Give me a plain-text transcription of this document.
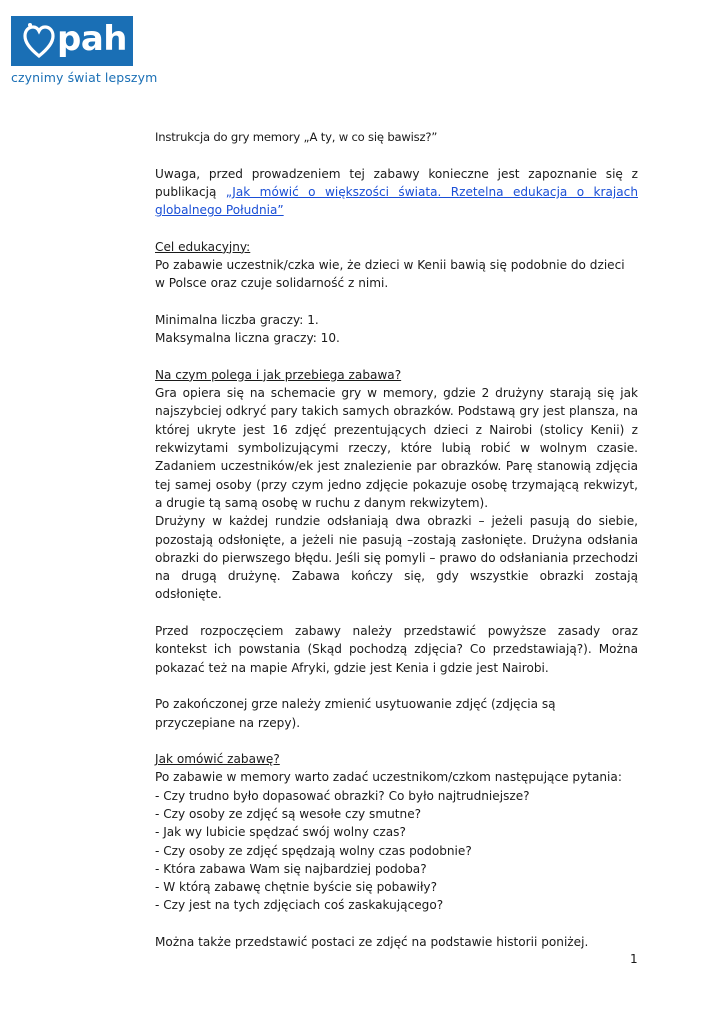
pah
czynimy świat lepszym

Instrukcja do gry memory „A ty, w co się bawisz?”

Uwaga, przed prowadzeniem tej zabawy konieczne jest zapoznanie się z publikacją „Jak mówić o większości świata. Rzetelna edukacja o krajach globalnego Południa”

Cel edukacyjny:

Po zabawie uczestnik/czka wie, że dzieci w Kenii bawią się podobnie do dzieci w Polsce oraz czuje solidarność z nimi.

Minimalna liczba graczy: 1.

Maksymalna liczna graczy: 10.

Na czym polega i jak przebiega zabawa?

Gra opiera się na schemacie gry w memory, gdzie 2 drużyny starają się jak najszybciej odkryć pary takich samych obrazków. Podstawą gry jest plansza, na której ukryte jest 16 zdjęć prezentujących dzieci z Nairobi (stolicy Kenii) z rekwizytami symbolizującymi rzeczy, które lubią robić w wolnym czasie. Zadaniem uczestników/ek jest znalezienie par obrazków. Parę stanowią zdjęcia tej samej osoby (przy czym jedno zdjęcie pokazuje osobę trzymającą rekwizyt, a drugie tą samą osobę w ruchu z danym rekwizytem).

Drużyny w każdej rundzie odsłaniają dwa obrazki – jeżeli pasują do siebie, pozostają odsłonięte, a jeżeli nie pasują –zostają zasłonięte. Drużyna odsłania obrazki do pierwszego błędu. Jeśli się pomyli – prawo do odsłaniania przechodzi na drugą drużynę. Zabawa kończy się, gdy wszystkie obrazki zostają odsłonięte.

Przed rozpoczęciem zabawy należy przedstawić powyższe zasady oraz kontekst ich powstania (Skąd pochodzą zdjęcia? Co przedstawiają?). Można pokazać też na mapie Afryki, gdzie jest Kenia i gdzie jest Nairobi.

Po zakończonej grze należy zmienić usytuowanie zdjęć (zdjęcia są przyczepiane na rzepy).

Jak omówić zabawę?

Po zabawie w memory warto zadać uczestnikom/czkom następujące pytania:

- Czy trudno było dopasować obrazki? Co było najtrudniejsze?

- Czy osoby ze zdjęć są wesołe czy smutne?

- Jak wy lubicie spędzać swój wolny czas?

- Czy osoby ze zdjęć spędzają wolny czas podobnie?

- Która zabawa Wam się najbardziej podoba?

- W którą zabawę chętnie byście się pobawiły?

- Czy jest na tych zdjęciach coś zaskakującego?

Można także przedstawić postaci ze zdjęć na podstawie historii poniżej.

1
